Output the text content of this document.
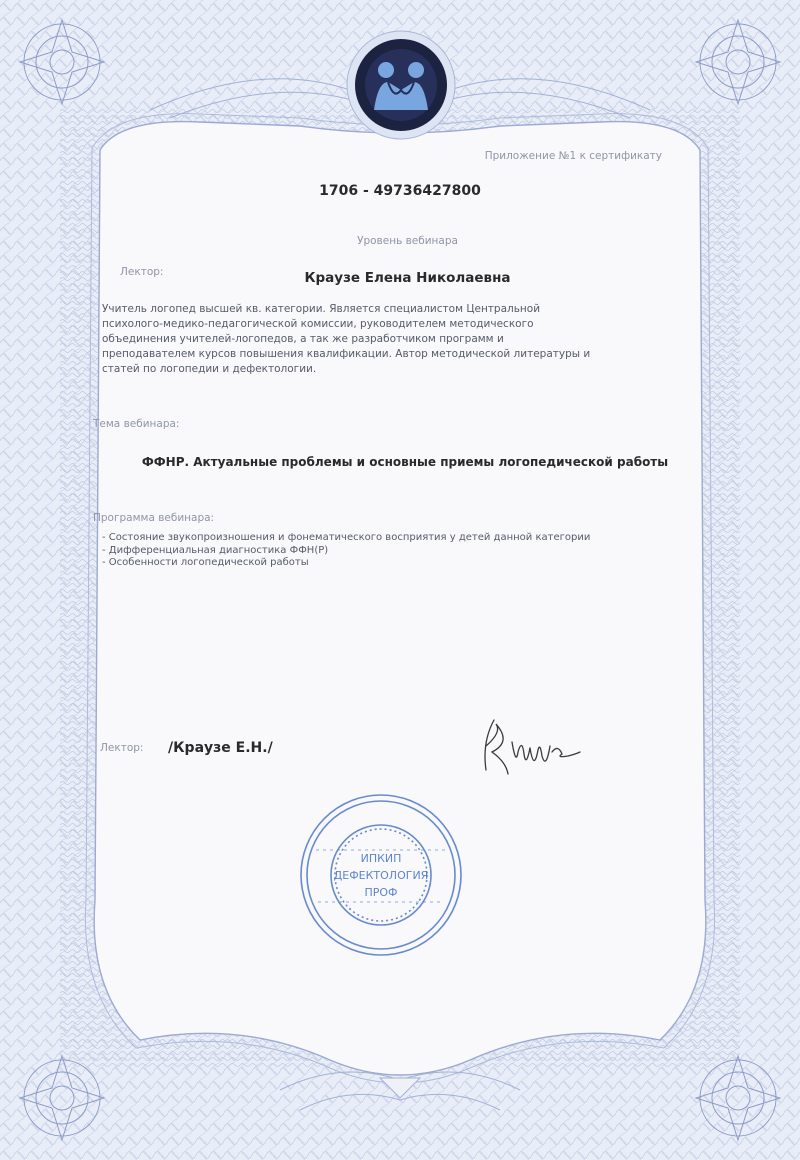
Приложение №1 к сертификату
1706 - 49736427800
Уровень вебинара
Лектор:	Краузе Елена Николаевна
Учитель логопед высшей кв. категории. Является специалистом Центральной
психолого-медико-педагогической комиссии, руководителем методического
объединения учителей-логопедов, а так же разработчиком программ и
преподавателем курсов повышения квалификации. Автор методической литературы и
статей по логопедии и дефектологии.
Тема вебинара:
ФФНР. Актуальные проблемы и основные приемы логопедической работы
Программа вебинара:
- Состояние звукопроизношения и фонематического восприятия у детей данной категории
- Дифференциальная диагностика ФФН(Р)
- Особенности логопедической работы
Лектор: /Краузе Е.Н./
ИПКИП
ДЕФЕКТОЛОГИЯ
ПРОФ
